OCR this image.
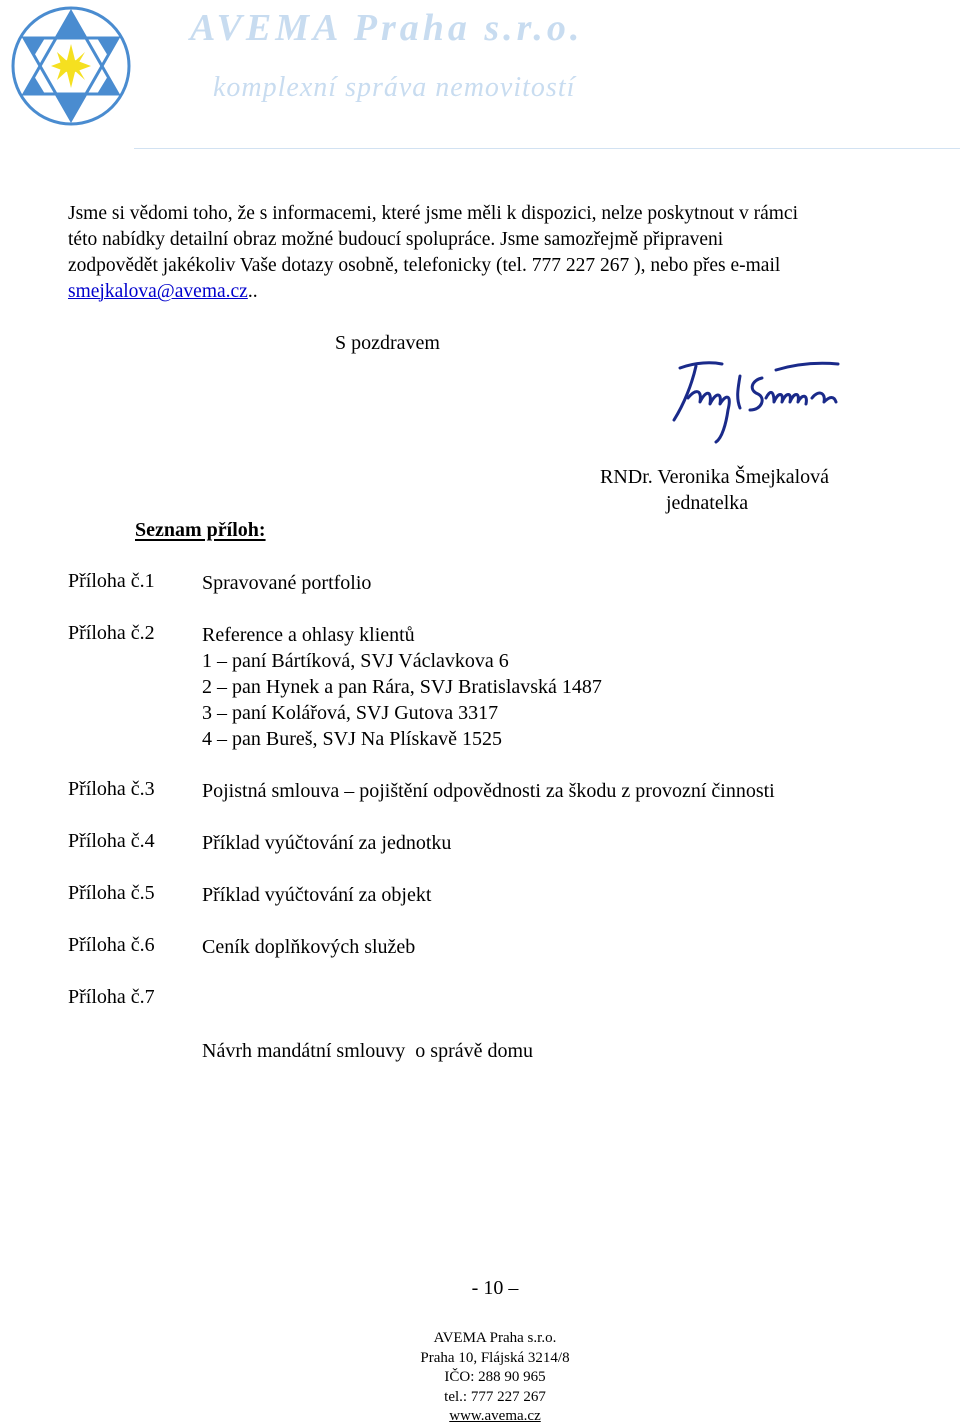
AVEMA Praha s.r.o.
komplexní správa nemovitostí
Jsme si vědomi toho, že s informacemi, které jsme měli k dispozici, nelze poskytnout v rámci
této nabídky detailní obraz možné budoucí spolupráce. Jsme samozřejmě připraveni
zodpovědět jakékoliv Vaše dotazy osobně, telefonicky (tel. 777 227 267 ), nebo přes e-mail
smejkalova@avema.cz..
S pozdravem
RNDr. Veronika Šmejkalová
jednatelka
Seznam příloh:
Příloha č.1 Spravované portfolio
Příloha č.2 Reference a ohlasy klientů
1 – paní Bártíková, SVJ Václavkova 6
2 – pan Hynek a pan Rára, SVJ Bratislavská 1487
3 – paní Kolářová, SVJ Gutova 3317
4 – pan Bureš, SVJ Na Plískavě 1525
Příloha č.3 Pojistná smlouva – pojištění odpovědnosti za škodu z provozní činnosti
Příloha č.4 Příklad vyúčtování za jednotku
Příloha č.5 Příklad vyúčtování za objekt
Příloha č.6 Ceník doplňkových služeb
Příloha č.7

Návrh mandátní smlouvy  o správě domu

- 10 –
AVEMA Praha s.r.o.
Praha 10, Flájská 3214/8
IČO: 288 90 965
tel.: 777 227 267
www.avema.cz
